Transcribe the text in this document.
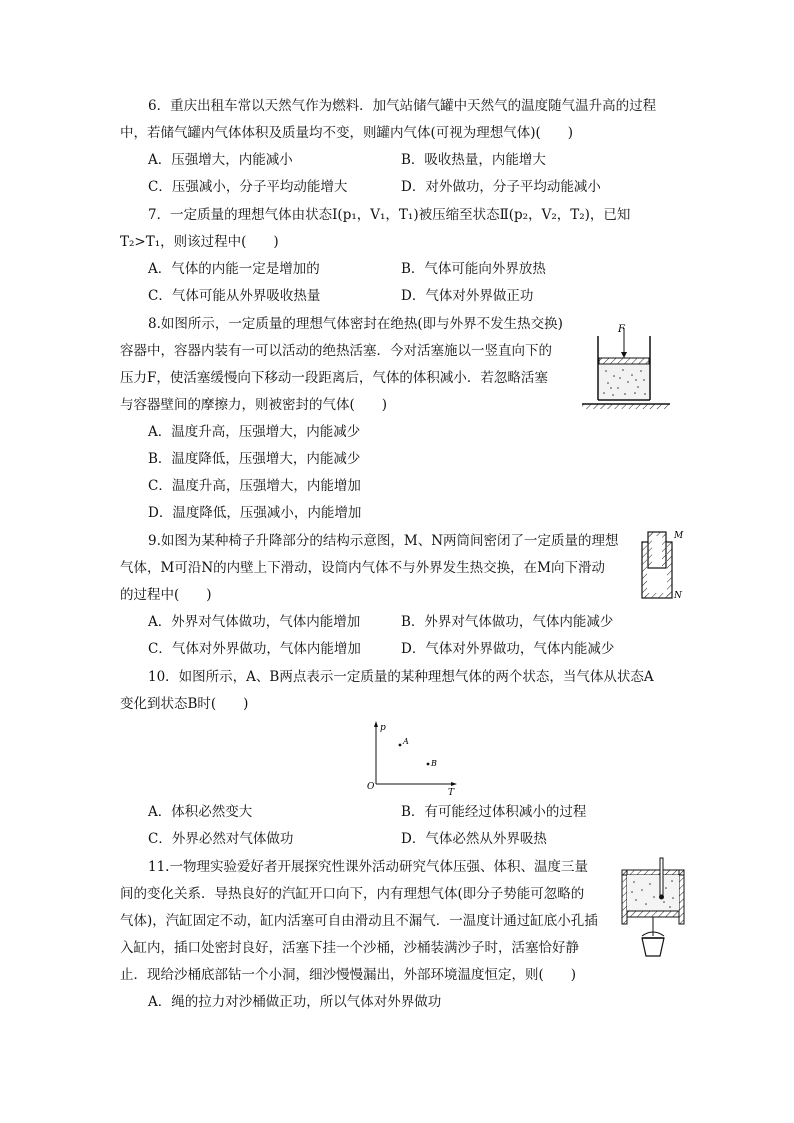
6．重庆出租车常以天然气作为燃料．加气站储气罐中天然气的温度随气温升高的过程
中，若储气罐内气体体积及质量均不变，则罐内气体(可视为理想气体)(　　)
A．压强增大，内能减小	B．吸收热量，内能增大
C．压强减小，分子平均动能增大	D．对外做功，分子平均动能减小
7．一定质量的理想气体由状态Ⅰ(p₁，V₁，T₁)被压缩至状态Ⅱ(p₂，V₂，T₂)，已知
T₂>T₁，则该过程中(　　)
A．气体的内能一定是增加的	B．气体可能向外界放热
C．气体可能从外界吸收热量	D．气体对外界做正功
8.如图所示，一定质量的理想气体密封在绝热(即与外界不发生热交换)
容器中，容器内装有一可以活动的绝热活塞．今对活塞施以一竖直向下的
压力F，使活塞缓慢向下移动一段距离后，气体的体积减小．若忽略活塞
与容器壁间的摩擦力，则被密封的气体(　　)
A．温度升高，压强增大，内能减少
B．温度降低，压强增大，内能减少
C．温度升高，压强增大，内能增加
D．温度降低，压强减小，内能增加
F
9.如图为某种椅子升降部分的结构示意图，M、N两筒间密闭了一定质量的理想
气体，M可沿N的内壁上下滑动，设筒内气体不与外界发生热交换，在M向下滑动
的过程中(　　)
A．外界对气体做功，气体内能增加	B．外界对气体做功，气体内能减少
C．气体对外界做功，气体内能增加	D．气体对外界做功，气体内能减少
M
N
10．如图所示，A、B两点表示一定质量的某种理想气体的两个状态，当气体从状态A
变化到状态B时(　　)
p
T
O
A
B
A．体积必然变大	B．有可能经过体积减小的过程
C．外界必然对气体做功	D．气体必然从外界吸热
11.一物理实验爱好者开展探究性课外活动研究气体压强、体积、温度三量
间的变化关系．导热良好的汽缸开口向下，内有理想气体(即分子势能可忽略的
气体)，汽缸固定不动，缸内活塞可自由滑动且不漏气．一温度计通过缸底小孔插
入缸内，插口处密封良好，活塞下挂一个沙桶，沙桶装满沙子时，活塞恰好静
止．现给沙桶底部钻一个小洞，细沙慢慢漏出，外部环境温度恒定，则(　　)
A．绳的拉力对沙桶做正功，所以气体对外界做功
